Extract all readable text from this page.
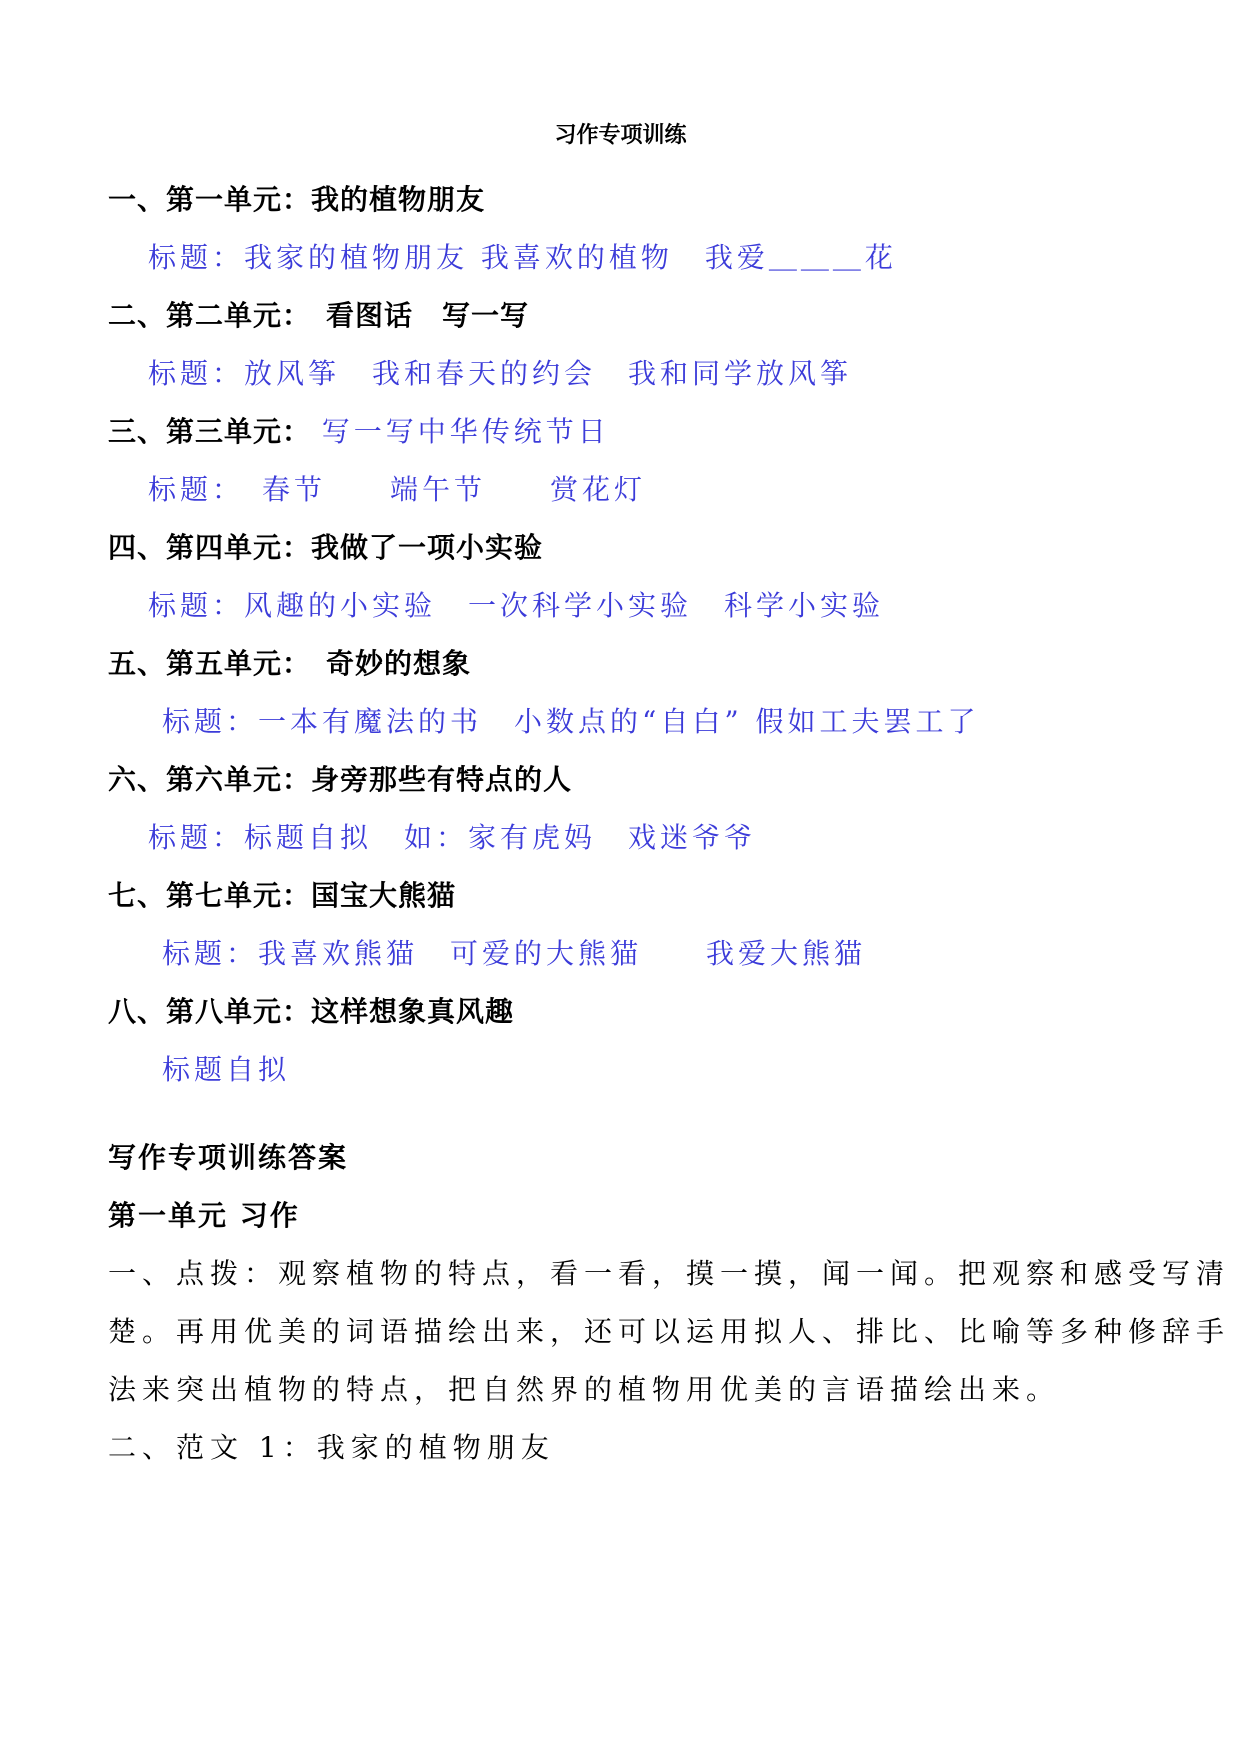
习作专项训练
一、第一单元：我的植物朋友
标题：我家的植物朋友 我喜欢的植物　我爱＿＿＿花
二、第二单元：　看图话　写一写
标题：放风筝　我和春天的约会　我和同学放风筝
三、第三单元： 写一写中华传统节日
标题：　春节　　端午节　　赏花灯
四、第四单元：我做了一项小实验
标题：风趣的小实验　一次科学小实验　科学小实验
五、第五单元：　奇妙的想象
标题：一本有魔法的书　小数点的“自白” 假如工夫罢工了
六、第六单元：身旁那些有特点的人
标题：标题自拟　如：家有虎妈　戏迷爷爷
七、第七单元：国宝大熊猫
标题：我喜欢熊猫　可爱的大熊猫　　我爱大熊猫
八、第八单元：这样想象真风趣
标题自拟
写作专项训练答案
第一单元 习作
一、点拨：观察植物的特点，看一看，摸一摸，闻一闻。把观察和感受写清
楚。再用优美的词语描绘出来，还可以运用拟人、排比、比喻等多种修辞手
法来突出植物的特点，把自然界的植物用优美的言语描绘出来。
二、范文 1：我家的植物朋友
